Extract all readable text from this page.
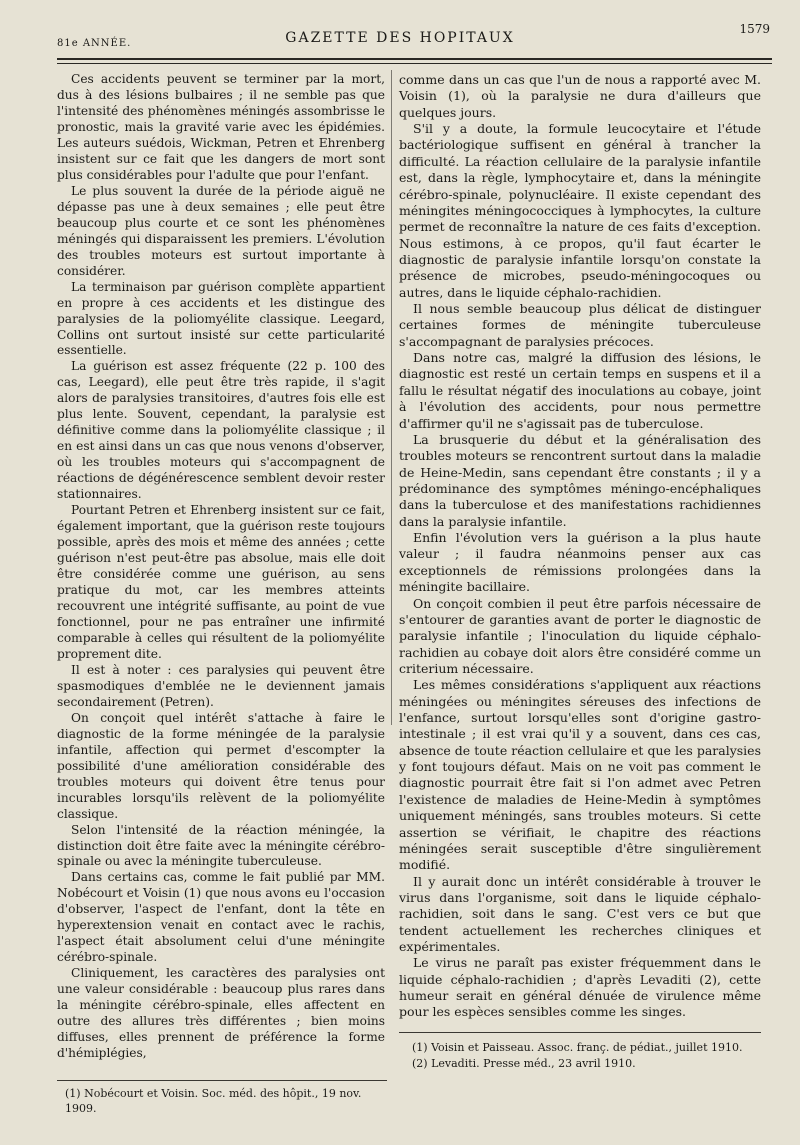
81e ANNÉE.	GAZETTE DES HOPITAUX
1579

Ces accidents peuvent se terminer par la mort, dus à des lésions bulbaires ; il ne semble pas que l'intensité des phénomènes méningés assombrisse le pronostic, mais la gravité varie avec les épidémies. Les auteurs suédois, Wickman, Petren et Ehrenberg insistent sur ce fait que les dangers de mort sont plus considérables pour l'adulte que pour l'enfant.

Le plus souvent la durée de la période aiguë ne dépasse pas une à deux semaines ; elle peut être beaucoup plus courte et ce sont les phénomènes méningés qui disparaissent les premiers. L'évolution des troubles moteurs est surtout importante à considérer.

La terminaison par guérison complète appartient en propre à ces accidents et les distingue des paralysies de la poliomyélite classique. Leegard, Collins ont surtout insisté sur cette particularité essentielle.

La guérison est assez fréquente (22 p. 100 des cas, Leegard), elle peut être très rapide, il s'agit alors de paralysies transitoires, d'autres fois elle est plus lente. Souvent, cependant, la paralysie est définitive comme dans la poliomyélite classique ; il en est ainsi dans un cas que nous venons d'observer, où les troubles moteurs qui s'accompagnent de réactions de dégénérescence semblent devoir rester stationnaires.

Pourtant Petren et Ehrenberg insistent sur ce fait, également important, que la guérison reste toujours possible, après des mois et même des années ; cette guérison n'est peut-être pas absolue, mais elle doit être considérée comme une guérison, au sens pratique du mot, car les membres atteints recouvrent une intégrité suffisante, au point de vue fonctionnel, pour ne pas entraîner une infirmité comparable à celles qui résultent de la poliomyélite proprement dite.

Il est à noter : ces paralysies qui peuvent être spasmodiques d'emblée ne le deviennent jamais secondairement (Petren).

On conçoit quel intérêt s'attache à faire le diagnostic de la forme méningée de la paralysie infantile, affection qui permet d'escompter la possibilité d'une amélioration considérable des troubles moteurs qui doivent être tenus pour incurables lorsqu'ils relèvent de la poliomyélite classique.

Selon l'intensité de la réaction méningée, la distinction doit être faite avec la méningite cérébro-spinale ou avec la méningite tuberculeuse.

Dans certains cas, comme le fait publié par MM. Nobécourt et Voisin (1) que nous avons eu l'occasion d'observer, l'aspect de l'enfant, dont la tête en hyperextension venait en contact avec le rachis, l'aspect était absolument celui d'une méningite cérébro-spinale.

Cliniquement, les caractères des paralysies ont une valeur considérable : beaucoup plus rares dans la méningite cérébro-spinale, elles affectent en outre des allures très différentes ; bien moins diffuses, elles prennent de préférence la forme d'hémiplégies,

comme dans un cas que l'un de nous a rapporté avec M. Voisin (1), où la paralysie ne dura d'ailleurs que quelques jours.

S'il y a doute, la formule leucocytaire et l'étude bactériologique suffisent en général à trancher la difficulté. La réaction cellulaire de la paralysie infantile est, dans la règle, lymphocytaire et, dans la méningite cérébro-spinale, polynucléaire. Il existe cependant des méningites méningococciques à lymphocytes, la culture permet de reconnaître la nature de ces faits d'exception. Nous estimons, à ce propos, qu'il faut écarter le diagnostic de paralysie infantile lorsqu'on constate la présence de microbes, pseudo-méningocoques ou autres, dans le liquide céphalo-rachidien.

Il nous semble beaucoup plus délicat de distinguer certaines formes de méningite tuberculeuse s'accompagnant de paralysies précoces.

Dans notre cas, malgré la diffusion des lésions, le diagnostic est resté un certain temps en suspens et il a fallu le résultat négatif des inoculations au cobaye, joint à l'évolution des accidents, pour nous permettre d'affirmer qu'il ne s'agissait pas de tuberculose.

La brusquerie du début et la généralisation des troubles moteurs se rencontrent surtout dans la maladie de Heine-Medin, sans cependant être constants ; il y a prédominance des symptômes méningo-encéphaliques dans la tuberculose et des manifestations rachidiennes dans la paralysie infantile.

Enfin l'évolution vers la guérison a la plus haute valeur ; il faudra néanmoins penser aux cas exceptionnels de rémissions prolongées dans la méningite bacillaire.

On conçoit combien il peut être parfois nécessaire de s'entourer de garanties avant de porter le diagnostic de paralysie infantile ; l'inoculation du liquide céphalo-rachidien au cobaye doit alors être considéré comme un criterium nécessaire.

Les mêmes considérations s'appliquent aux réactions méningées ou méningites séreuses des infections de l'enfance, surtout lorsqu'elles sont d'origine gastro-intestinale ; il est vrai qu'il y a souvent, dans ces cas, absence de toute réaction cellulaire et que les paralysies y font toujours défaut. Mais on ne voit pas comment le diagnostic pourrait être fait si l'on admet avec Petren l'existence de maladies de Heine-Medin à symptômes uniquement méningés, sans troubles moteurs. Si cette assertion se vérifiait, le chapitre des réactions méningées serait susceptible d'être singulièrement modifié.

Il y aurait donc un intérêt considérable à trouver le virus dans l'organisme, soit dans le liquide céphalo-rachidien, soit dans le sang. C'est vers ce but que tendent actuellement les recherches cliniques et expérimentales.

Le virus ne paraît pas exister fréquemment dans le liquide céphalo-rachidien ; d'après Levaditi (2), cette humeur serait en général dénuée de virulence même pour les espèces sensibles comme les singes.

(1) Nobécourt et Voisin. Soc. méd. des hôpit., 19 nov. 1909.
(1) Voisin et Paisseau. Assoc. franç. de pédiat., juillet 1910.
(2) Levaditi. Presse méd., 23 avril 1910.
